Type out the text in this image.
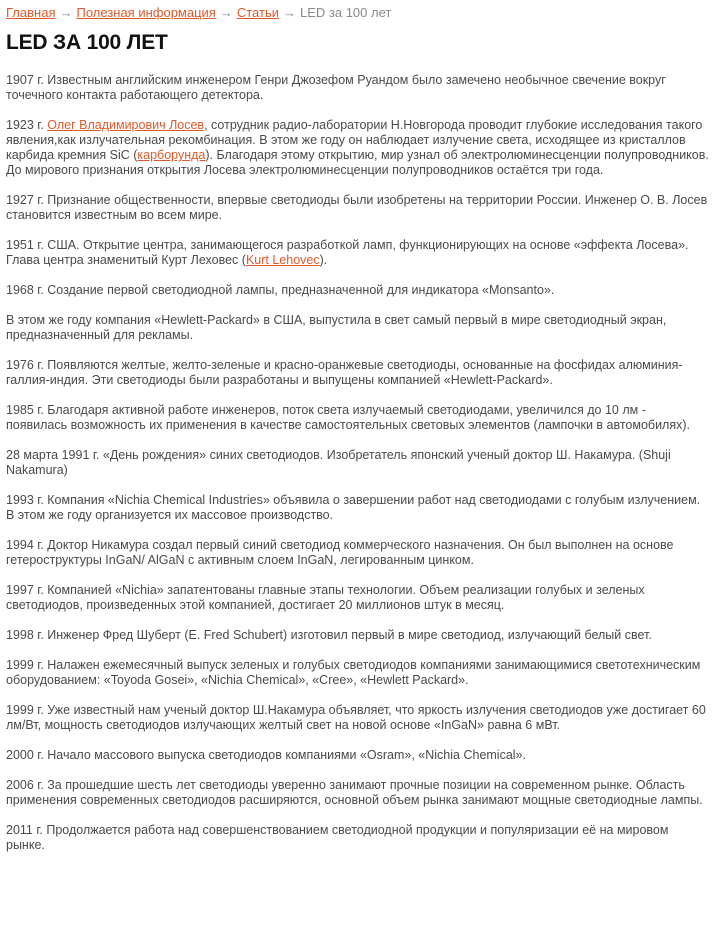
Главная → Полезная информация → Статьи → LED за 100 лет
LED ЗА 100 ЛЕТ

1907 г. Известным английским инженером Генри Джозефом Руандом было замечено необычное свечение вокруг точечного контакта работающего детектора.

1923 г. Олег Владимирович Лосев, сотрудник радио-лаборатории Н.Новгорода проводит глубокие исследования такого явления,как излучательная рекомбинация. В этом же году он наблюдает излучение света, исходящее из кристаллов карбида кремния SiC (карборунда). Благодаря этому открытию, мир узнал об электролюминесценции полупроводников. До мирового признания открытия Лосева электролюминесценции полупроводников остаётся три года.

1927 г. Признание общественности, впервые светодиоды были изобретены на территории России. Инженер О. В. Лосев становится известным во всем мире.

1951 г. США. Открытие центра, занимающегося разработкой ламп, функционирующих на основе «эффекта Лосева». Глава центра знаменитый Курт Леховес (Kurt Lehovec).

1968 г. Создание первой светодиодной лампы, предназначенной для индикатора «Monsanto».

В этом же году компания «Hewlett-Packard» в США, выпустила в свет самый первый в мире светодиодный экран, предназначенный для рекламы.

1976 г. Появляются желтые, желто-зеленые и красно-оранжевые светодиоды, основанные на фосфидах алюминия-галлия-индия. Эти светодиоды были разработаны и выпущены компанией «Hewlett-Packard».

1985 г. Благодаря активной работе инженеров, поток света излучаемый светодиодами, увеличился до 10 лм - появилась возможность их применения в качестве самостоятельных световых элементов (лампочки в автомобилях).

28 марта 1991 г. «День рождения» синих светодиодов. Изобретатель японский ученый доктор Ш. Накамура. (Shuji Nakamura)

1993 г. Компания «Nichia Chemical Industries» объявила о завершении работ над светодиодами с голубым излучением. В этом же году организуется их массовое производство.

1994 г. Доктор Никамура создал первый синий светодиод коммерческого назначения. Он был выполнен на основе гетероструктуры InGaN/ AlGaN с активным слоем InGaN, легированным цинком.

1997 г. Компанией «Nichia» запатентованы главные этапы технологии. Объем реализации голубых и зеленых светодиодов, произведенных этой компанией, достигает 20 миллионов штук в месяц.

1998 г. Инженер Фред Шуберт (E. Fred Schubert) изготовил первый в мире светодиод, излучающий белый свет.

1999 г. Налажен ежемесячный выпуск зеленых и голубых светодиодов компаниями занимающимися светотехническим оборудованием: «Toyoda Gosei», «Nichia Chemical», «Cree», «Hewlett Packard».

1999 г. Уже известный нам ученый доктор Ш.Накамура объявляет, что яркость излучения светодиодов уже достигает 60 лм/Вт, мощность светодиодов излучающих желтый свет на новой основе «InGaN» равна 6 мВт.

2000 г. Начало массового выпуска светодиодов компаниями «Osram», «Nichia Chemical».

2006 г. За прошедшие шесть лет светодиоды уверенно занимают прочные позиции на современном рынке. Область применения современных светодиодов расширяются, основной объем рынка занимают мощные светодиодные лампы.

2011 г. Продолжается работа над совершенствованием светодиодной продукции и популяризации её на мировом рынке.
